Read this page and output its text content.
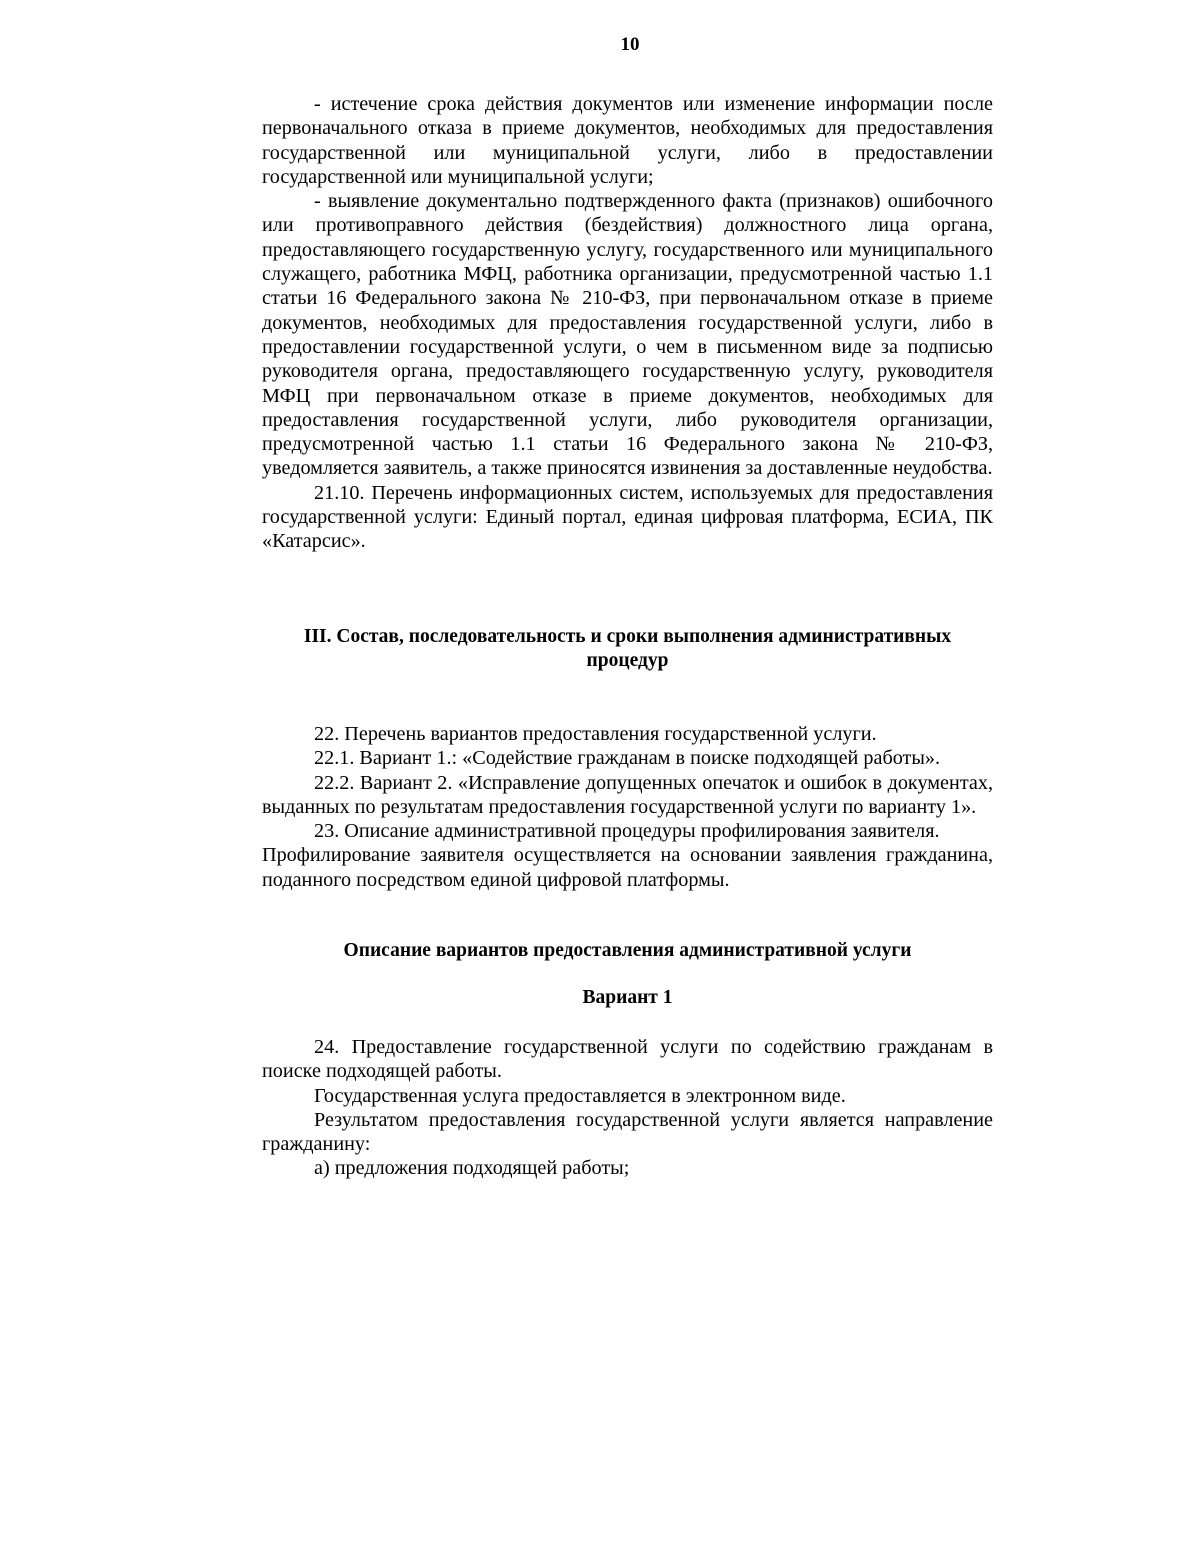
10

- истечение срока действия документов или изменение информации после первоначального отказа в приеме документов, необходимых для предоставления государственной или муниципальной услуги, либо в предоставлении государственной или муниципальной услуги;

- выявление документально подтвержденного факта (признаков) ошибочного или противоправного действия (бездействия) должностного лица органа, предоставляющего государственную услугу, государственного или муниципального служащего, работника МФЦ, работника организации, предусмотренной частью 1.1 статьи 16 Федерального закона № 210-ФЗ, при первоначальном отказе в приеме документов, необходимых для предоставления государственной услуги, либо в предоставлении государственной услуги, о чем в письменном виде за подписью руководителя органа, предоставляющего государственную услугу, руководителя МФЦ при первоначальном отказе в приеме документов, необходимых для предоставления государственной услуги, либо руководителя организации, предусмотренной частью 1.1 статьи 16 Федерального закона № 210-ФЗ, уведомляется заявитель, а также приносятся извинения за доставленные неудобства.

21.10. Перечень информационных систем, используемых для предоставления государственной услуги: Единый портал, единая цифровая платформа, ЕСИА, ПК «Катарсис».

III. Состав, последовательность и сроки выполнения административных процедур

22. Перечень вариантов предоставления государственной услуги.

22.1. Вариант 1.: «Содействие гражданам в поиске подходящей работы».

22.2. Вариант 2. «Исправление допущенных опечаток и ошибок в документах, выданных по результатам предоставления государственной услуги по варианту 1».

23. Описание административной процедуры профилирования заявителя.

Профилирование заявителя осуществляется на основании заявления гражданина, поданного посредством единой цифровой платформы.

Описание вариантов предоставления административной услуги
Вариант 1

24. Предоставление государственной услуги по содействию гражданам в поиске подходящей работы.

Государственная услуга предоставляется в электронном виде.

Результатом предоставления государственной услуги является направление гражданину:

а) предложения подходящей работы;
